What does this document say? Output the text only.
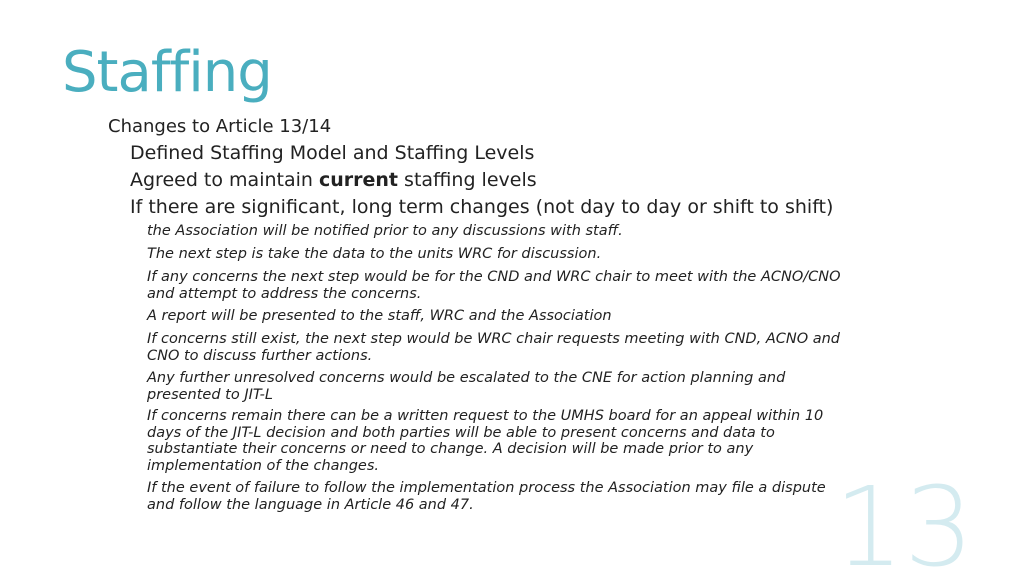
Staffing
Changes to Article 13/14
Defined Staffing Model and Staffing Levels
Agreed to maintain current staffing levels
If there are significant, long term changes (not day to day or shift to shift)
the Association will be notified prior to any discussions with staff.
The next step is take the data to the units WRC for discussion.
If any concerns the next step would be for the CND and WRC chair to meet with the ACNO/CNO and attempt to address the concerns.
A report will be presented to the staff, WRC and the Association
If concerns still exist, the next step would be WRC chair requests meeting with CND, ACNO and CNO to discuss further actions.
Any further unresolved concerns would be escalated to the CNE for action planning and presented to JIT-L
If concerns remain there can be a written request to the UMHS board for an appeal within 10 days of the JIT-L decision and both parties will be able to present concerns and data to substantiate their concerns or need to change. A decision will be made prior to any implementation of the changes.
If the event of failure to follow the implementation process the Association may file a dispute and follow the language in Article 46 and 47.	13
